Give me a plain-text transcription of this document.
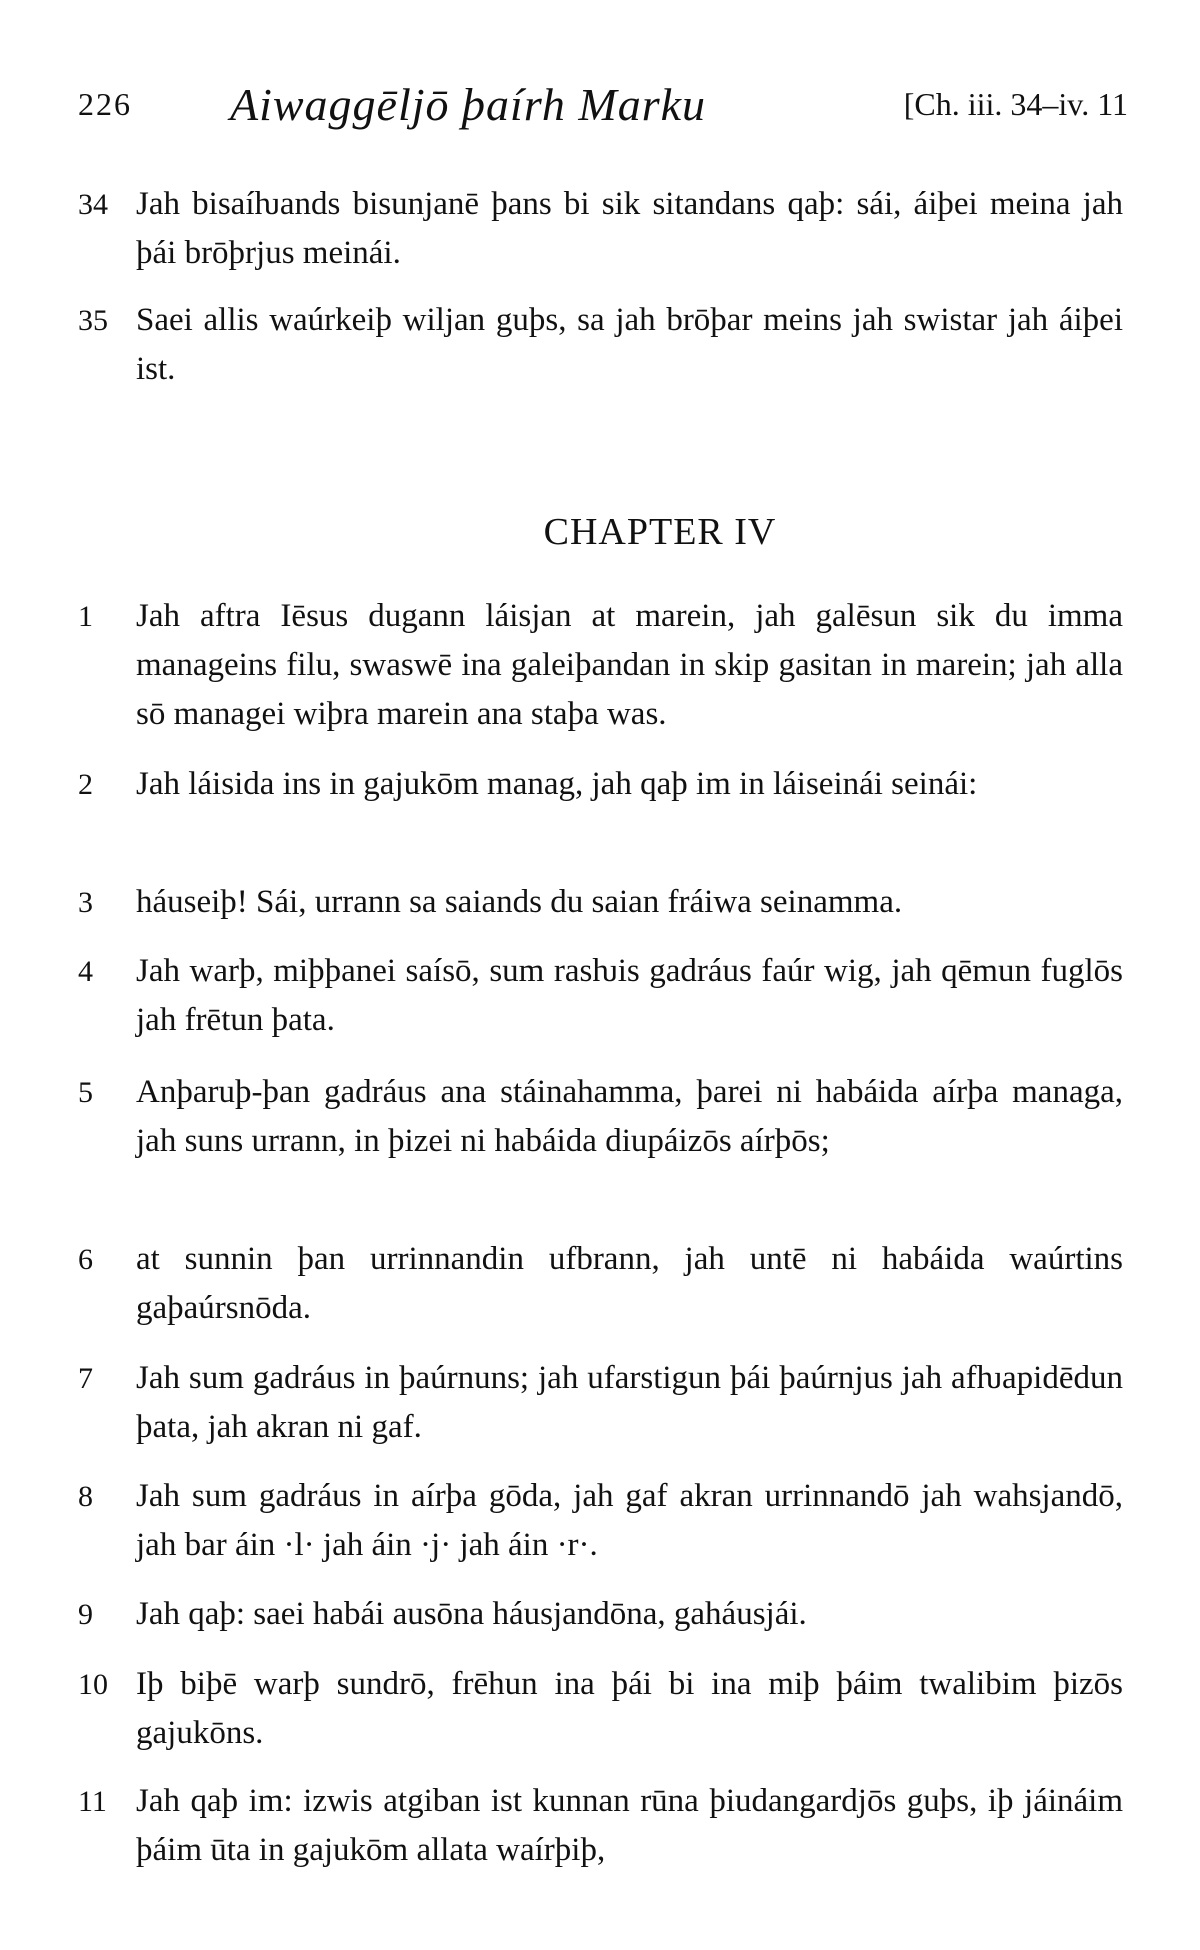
226 Aiwaggēljō þaírh Marku	[Ch. iii. 34–iv. 11
34 Jah bisaíƕands bisunjanē þans bi sik sitandans qaþ: sái, áiþei meina jah þái brōþrjus meinái.
35 Saei allis waúrkeiþ wiljan guþs, sa jah brōþar meins jah swistar jah áiþei ist.
CHAPTER IV
1	Jah aftra Iēsus dugann láisjan at marein, jah galēsun sik du imma manageins filu, swaswē ina galeiþandan in skip gasitan in marein; jah alla sō managei wiþra marein ana staþa was.
2	Jah láisida ins in gajukōm manag, jah qaþ im in láiseinái seinái:
3	háuseiþ! Sái, urrann sa saiands du saian fráiwa seinamma.
4	Jah warþ, miþþanei saísō, sum rasƕis gadráus faúr wig, jah qēmun fuglōs jah frētun þata.
5	Anþaruþ-þan gadráus ana stáinahamma, þarei ni habáida aírþa managa, jah suns urrann, in þizei ni habáida diupáizōs aírþōs;
6	at sunnin þan urrinnandin ufbrann, jah untē ni habáida waúrtins gaþaúrsnōda.
7	Jah sum gadráus in þaúrnuns; jah ufarstigun þái þaúrnjus jah afƕapidēdun þata, jah akran ni gaf.
8	Jah sum gadráus in aírþa gōda, jah gaf akran urrinnandō jah wahsjandō, jah bar áin ·l· jah áin ·j· jah áin ·r·.
9	Jah qaþ: saei habái ausōna háusjandōna, gaháusjái.
10 Iþ biþē warþ sundrō, frēhun ina þái bi ina miþ þáim twalibim þizōs gajukōns.
11 Jah qaþ im: izwis atgiban ist kunnan rūna þiudangardjōs guþs, iþ jáináim þáim ūta in gajukōm allata waírþiþ,
